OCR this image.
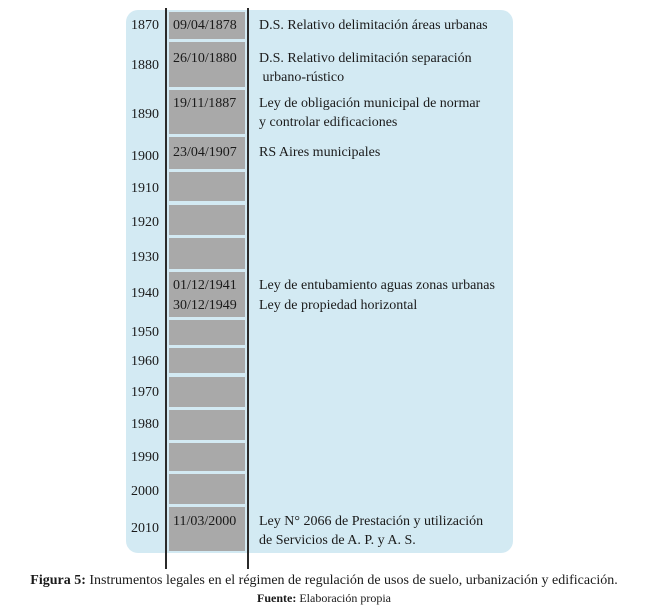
1870
1880
1890
1900
1910
1920
1930
1940
1950
1960
1970
1980
1990
2000
2010
09/04/1878
26/10/1880
19/11/1887
23/04/1907
01/12/1941
30/12/1949
11/03/2000
D.S. Relativo delimitación áreas urbanas
D.S. Relativo delimitación separación
urbano-rústico
Ley de obligación municipal de normar
y controlar edificaciones
RS Aires municipales
Ley de entubamiento aguas zonas urbanas
Ley de propiedad horizontal
Ley N° 2066 de Prestación y utilización
de Servicios de A. P. y A. S.
Figura 5: Instrumentos legales en el régimen de regulación de usos de suelo, urbanización y edificación.
Fuente: Elaboración propia
